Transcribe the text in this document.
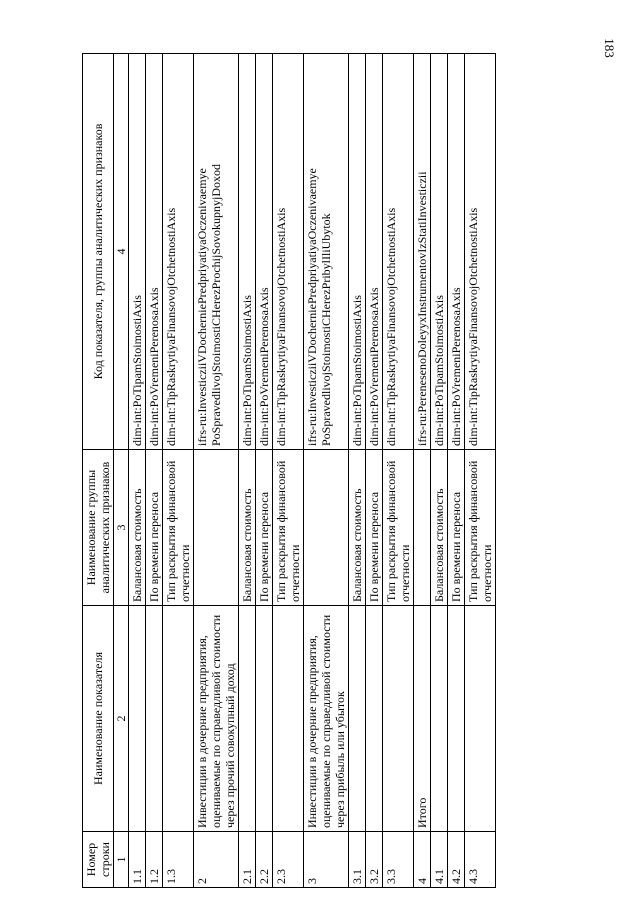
183
Номер строки	Наименование показателя	Наименование группы аналитических признаков	Код показателя, группы аналитических признаков
1	2	3	4
1.1		Балансовая стоимость	dim-int:PoTipamStoimostiAxis
1.2		По времени переноса	dim-int:PoVremeniPerenosaAxis
1.3		Тип раскрытия финансовой отчетности	dim-int:TipRaskrytiyaFinansovojOtchetnostiAxis
2	Инвестиции в дочерние предприятия, оцениваемые по справедливой стоимости через прочий совокупный доход		ifrs-ru:InvesticziiVDocherniePredpriyatiyaOczenivaemye PoSpravedlivojStoimostiCHerezProchijSovokupnyjDoxod
2.1		Балансовая стоимость	dim-int:PoTipamStoimostiAxis
2.2		По времени переноса	dim-int:PoVremeniPerenosaAxis
2.3		Тип раскрытия финансовой отчетности	dim-int:TipRaskrytiyaFinansovojOtchetnostiAxis
3	Инвестиции в дочерние предприятия, оцениваемые по справедливой стоимости через прибыль или убыток		ifrs-ru:InvesticziiVDocherniePredpriyatiyaOczenivaemye PoSpravedlivojStoimostiCHerezPribylIliUbytok
3.1		Балансовая стоимость	dim-int:PoTipamStoimostiAxis
3.2		По времени переноса	dim-int:PoVremeniPerenosaAxis
3.3		Тип раскрытия финансовой отчетности	dim-int:TipRaskrytiyaFinansovojOtchetnostiAxis
4	Итого		ifrs-ru:PerenesenoDoleyyxInstrumentovIzStatiInvesticzii
4.1		Балансовая стоимость	dim-int:PoTipamStoimostiAxis
4.2		По времени переноса	dim-int:PoVremeniPerenosaAxis
4.3		Тип раскрытия финансовой отчетности	dim-int:TipRaskrytiyaFinansovojOtchetnostiAxis
